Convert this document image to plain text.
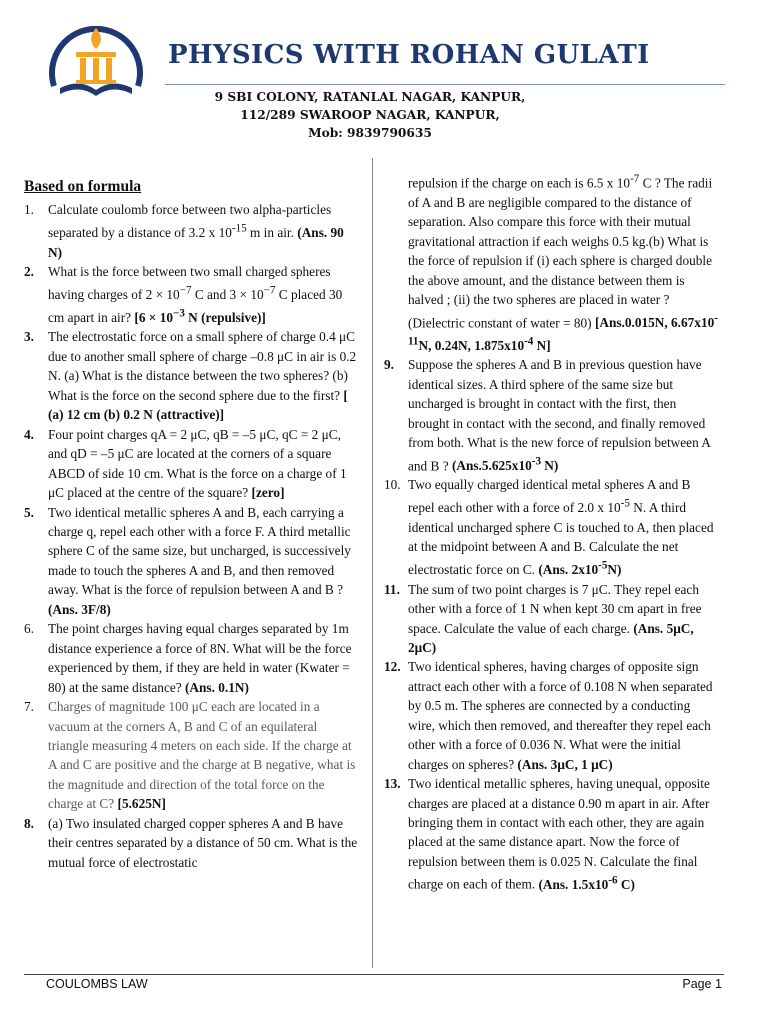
PHYSICS WITH ROHAN GULATI
9 SBI COLONY, RATANLAL NAGAR, KANPUR,
112/289 SWAROOP NAGAR, KANPUR,
Mob: 9839790635
Based on formula
1. Calculate coulomb force between two alpha-particles separated by a distance of 3.2 x $10^{-15}$ m in air. (Ans. 90 N)
2. What is the force between two small charged spheres having charges of $2 \times 10^{-7}$ C and $3 \times 10^{-7}$ C placed 30 cm apart in air? [$6 \times 10^{-3}$ N (repulsive)]
3. The electrostatic force on a small sphere of charge 0.4 μC due to another small sphere of charge –0.8 μC in air is 0.2 N. (a) What is the distance between the two spheres? (b) What is the force on the second sphere due to the first? [ (a) 12 cm (b) 0.2 N (attractive)]
4. Four point charges qA = 2 μC, qB = –5 μC, qC = 2 μC, and qD = –5 μC are located at the corners of a square ABCD of side 10 cm. What is the force on a charge of 1 μC placed at the centre of the square? [zero]
5. Two identical metallic spheres A and B, each carrying a charge q, repel each other with a force F. A third metallic sphere C of the same size, but uncharged, is successively made to touch the spheres A and B, and then removed away. What is the force of repulsion between A and B ? (Ans. 3F/8)
6. The point charges having equal charges separated by 1m distance experience a force of 8N. What will be the force experienced by them, if they are held in water (Kwater = 80) at the same distance? (Ans. 0.1N)
7. Charges of magnitude 100 μC each are located in a vacuum at the corners A, B and C of an equilateral triangle measuring 4 meters on each side. If the charge at A and C are positive and the charge at B negative, what is the magnitude and direction of the total force on the charge at C? [5.625N]
8. (a) Two insulated charged copper spheres A and B have their centres separated by a distance of 50 cm. What is the mutual force of electrostatic
repulsion if the charge on each is 6.5 x $10^{-7}$ C ? The radii of A and B are negligible compared to the distance of separation. Also compare this force with their mutual gravitational attraction if each weighs 0.5 kg.(b) What is the force of repulsion if (i) each sphere is charged double the above amount, and the distance between them is halved ; (ii) the two spheres are placed in water ? (Dielectric constant of water = 80) [Ans.0.015N, $6.67x10^{-11}N$, 0.24N, $1.875x10^{-4}$ N]
9. Suppose the spheres A and B in previous question have identical sizes. A third sphere of the same size but uncharged is brought in contact with the first, then brought in contact with the second, and finally removed from both. What is the new force of repulsion between A and B ? ($Ans.5.625x10^{-3}$ N)
10. Two equally charged identical metal spheres A and B repel each other with a force of 2.0 x $10^{-5}$ N. A third identical uncharged sphere C is touched to A, then placed at the midpoint between A and B. Calculate the net electrostatic force on C. (Ans. $2x10^{-5}N$)
11. The sum of two point charges is 7 μC. They repel each other with a force of 1 N when kept 30 cm apart in free space. Calculate the value of each charge. (Ans. 5μC, 2μC)
12. Two identical spheres, having charges of opposite sign attract each other with a force of 0.108 N when separated by 0.5 m. The spheres are connected by a conducting wire, which then removed, and thereafter they repel each other with a force of 0.036 N. What were the initial charges on spheres? (Ans. 3μC, 1 μC)
13. Two identical metallic spheres, having unequal, opposite charges are placed at a distance 0.90 m apart in air. After bringing them in contact with each other, they are again placed at the same distance apart. Now the force of repulsion between them is 0.025 N. Calculate the final charge on each of them. (Ans. $1.5x10^{-6}$ C)
COULOMBS LAW	Page 1
